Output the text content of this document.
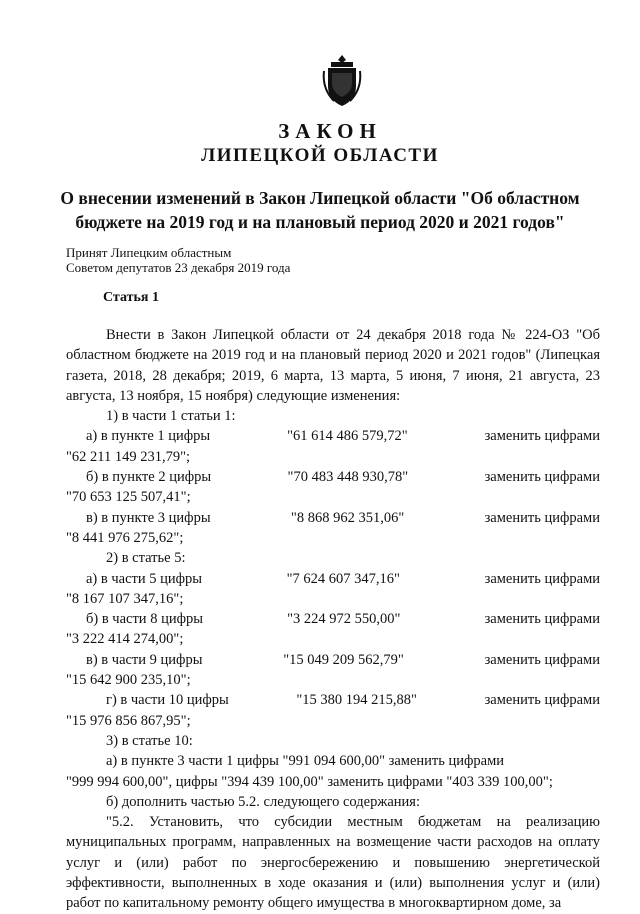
ЗАКОН
ЛИПЕЦКОЙ ОБЛАСТИ
О внесении изменений в Закон Липецкой области "Об областном
бюджете на 2019 год и на плановый период 2020 и 2021 годов"
Принят Липецким областным
Советом депутатов 23 декабря 2019 года
Статья 1
Внести в Закон Липецкой области от 24 декабря 2018 года № 224-ОЗ "Об областном бюджете на 2019 год и на плановый период 2020 и 2021 годов" (Липецкая газета, 2018, 28 декабря; 2019, 6 марта, 13 марта, 5 июня, 7 июня, 21 августа, 23 августа, 13 ноября, 15 ноября) следующие изменения:
1) в части 1 статьи 1:
а) в пункте 1 цифры	"61 614 486 579,72"	заменить цифрами
"62 211 149 231,79";
б) в пункте 2 цифры	"70 483 448 930,78"	заменить цифрами
"70 653 125 507,41";
в) в пункте 3 цифры	"8 868 962 351,06"	заменить цифрами
"8 441 976 275,62";
2) в статье 5:
а) в части 5 цифры	"7 624 607 347,16"	заменить цифрами
"8 167 107 347,16";
б) в части 8 цифры	"3 224 972 550,00"	заменить цифрами
"3 222 414 274,00";
в) в части 9 цифры	"15 049 209 562,79"	заменить цифрами
"15 642 900 235,10";
г) в части 10 цифры	"15 380 194 215,88"	заменить цифрами
"15 976 856 867,95";
3) в статье 10:
а) в пункте 3 части 1 цифры "991 094 600,00" заменить цифрами
"999 994 600,00", цифры "394 439 100,00" заменить цифрами "403 339 100,00";
б) дополнить частью 5.2. следующего содержания:
"5.2. Установить, что субсидии местным бюджетам на реализацию муниципальных программ, направленных на возмещение части расходов на оплату услуг и (или) работ по энергосбережению и повышению энергетической эффективности, выполненных в ходе оказания и (или) выполнения услуг и (или) работ по капитальному ремонту общего имущества в многоквартирном доме, за
